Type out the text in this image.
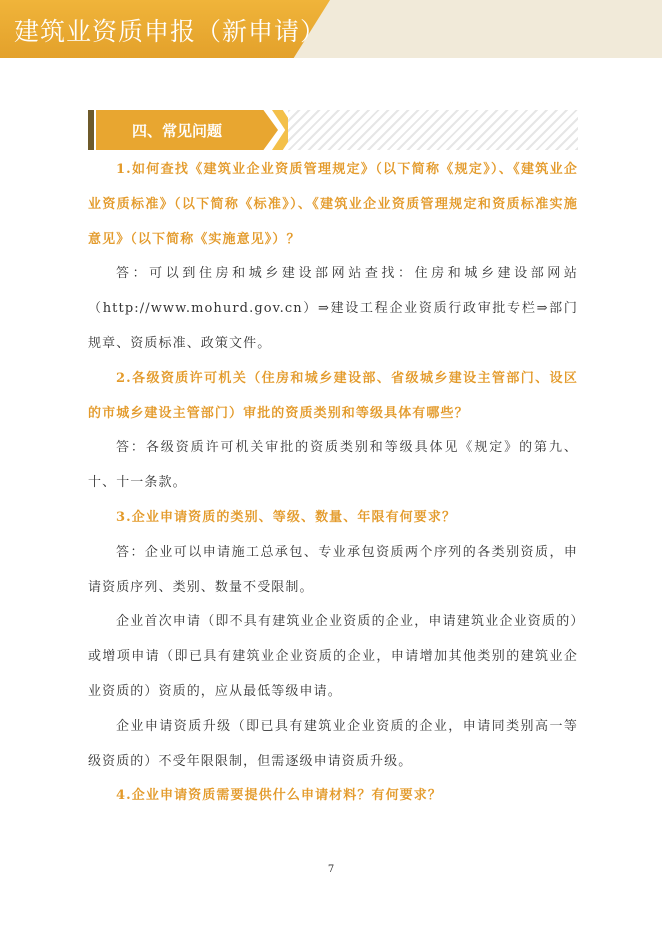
建筑业资质申报（新申请）
四、常见问题

1.如何查找《建筑业企业资质管理规定》（以下简称《规定》）、《建筑业企业资质标准》（以下简称《标准》）、《建筑业企业资质管理规定和资质标准实施意见》（以下简称《实施意见》）？

答：可以到住房和城乡建设部网站查找：住房和城乡建设部网站（http://www.mohurd.gov.cn）⇒建设工程企业资质行政审批专栏⇒部门规章、资质标准、政策文件。

2.各级资质许可机关（住房和城乡建设部、省级城乡建设主管部门、设区的市城乡建设主管部门）审批的资质类别和等级具体有哪些？

答：各级资质许可机关审批的资质类别和等级具体见《规定》的第九、十、十一条款。

3.企业申请资质的类别、等级、数量、年限有何要求？

答：企业可以申请施工总承包、专业承包资质两个序列的各类别资质，申请资质序列、类别、数量不受限制。

企业首次申请（即不具有建筑业企业资质的企业，申请建筑业企业资质的）或增项申请（即已具有建筑业企业资质的企业，申请增加其他类别的建筑业企业资质的）资质的，应从最低等级申请。

企业申请资质升级（即已具有建筑业企业资质的企业，申请同类别高一等级资质的）不受年限限制，但需逐级申请资质升级。

4.企业申请资质需要提供什么申请材料？有何要求？

7
